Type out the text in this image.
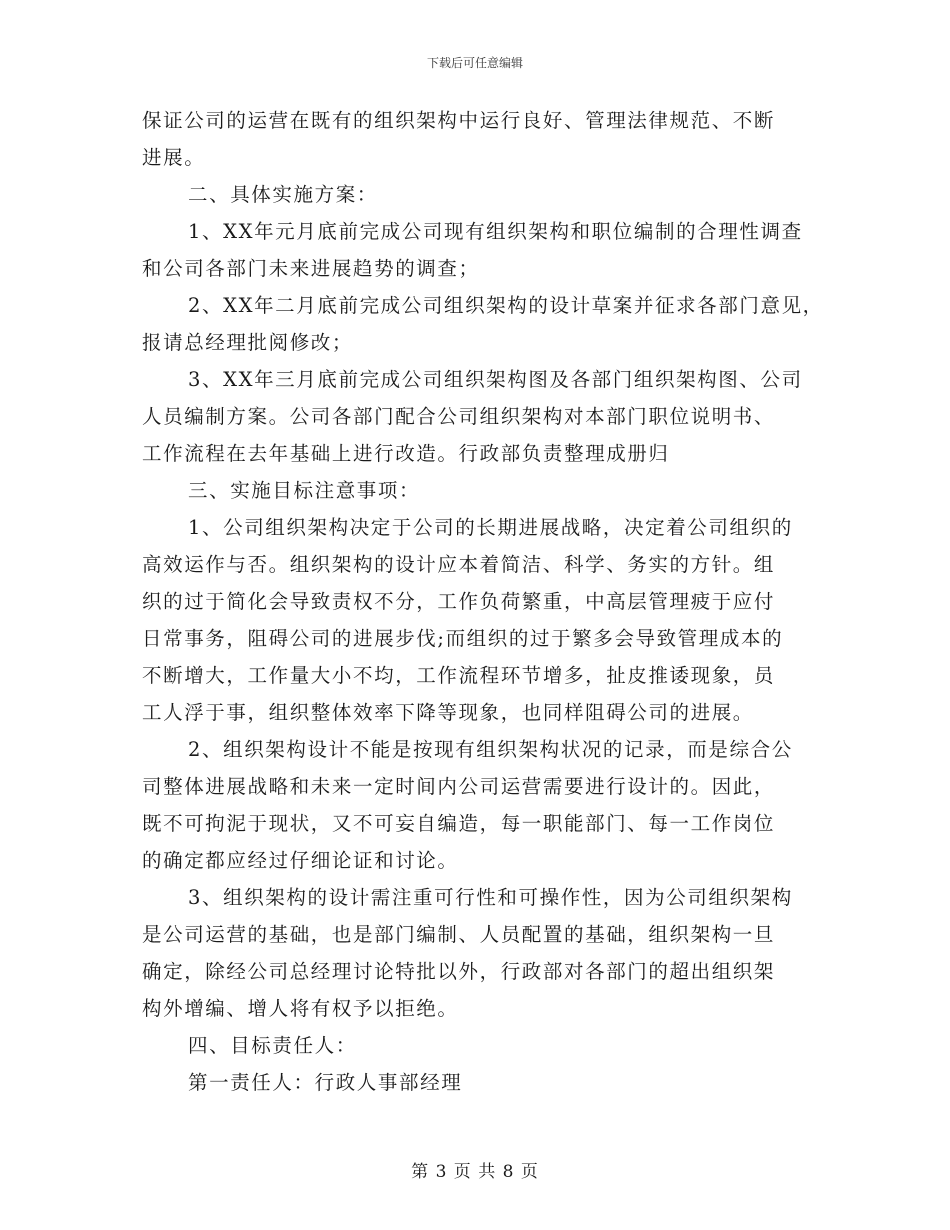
下载后可任意编辑

保证公司的运营在既有的组织架构中运行良好、管理法律规范、不断
进展。

二、具体实施方案：

1、XX年元月底前完成公司现有组织架构和职位编制的合理性调查
和公司各部门未来进展趋势的调查；

2、XX年二月底前完成公司组织架构的设计草案并征求各部门意见，
报请总经理批阅修改；

3、XX年三月底前完成公司组织架构图及各部门组织架构图、公司
人员编制方案。公司各部门配合公司组织架构对本部门职位说明书、
工作流程在去年基础上进行改造。行政部负责整理成册归

三、实施目标注意事项：

1、公司组织架构决定于公司的长期进展战略，决定着公司组织的
高效运作与否。组织架构的设计应本着简洁、科学、务实的方针。组
织的过于简化会导致责权不分，工作负荷繁重，中高层管理疲于应付
日常事务，阻碍公司的进展步伐;而组织的过于繁多会导致管理成本的
不断增大，工作量大小不均，工作流程环节增多，扯皮推诿现象，员
工人浮于事，组织整体效率下降等现象，也同样阻碍公司的进展。

2、组织架构设计不能是按现有组织架构状况的记录，而是综合公
司整体进展战略和未来一定时间内公司运营需要进行设计的。因此，
既不可拘泥于现状，又不可妄自编造，每一职能部门、每一工作岗位
的确定都应经过仔细论证和讨论。

3、组织架构的设计需注重可行性和可操作性，因为公司组织架构
是公司运营的基础，也是部门编制、人员配置的基础，组织架构一旦
确定，除经公司总经理讨论特批以外，行政部对各部门的超出组织架
构外增编、增人将有权予以拒绝。

四、目标责任人：

第一责任人：行政人事部经理

第 3 页 共 8 页
